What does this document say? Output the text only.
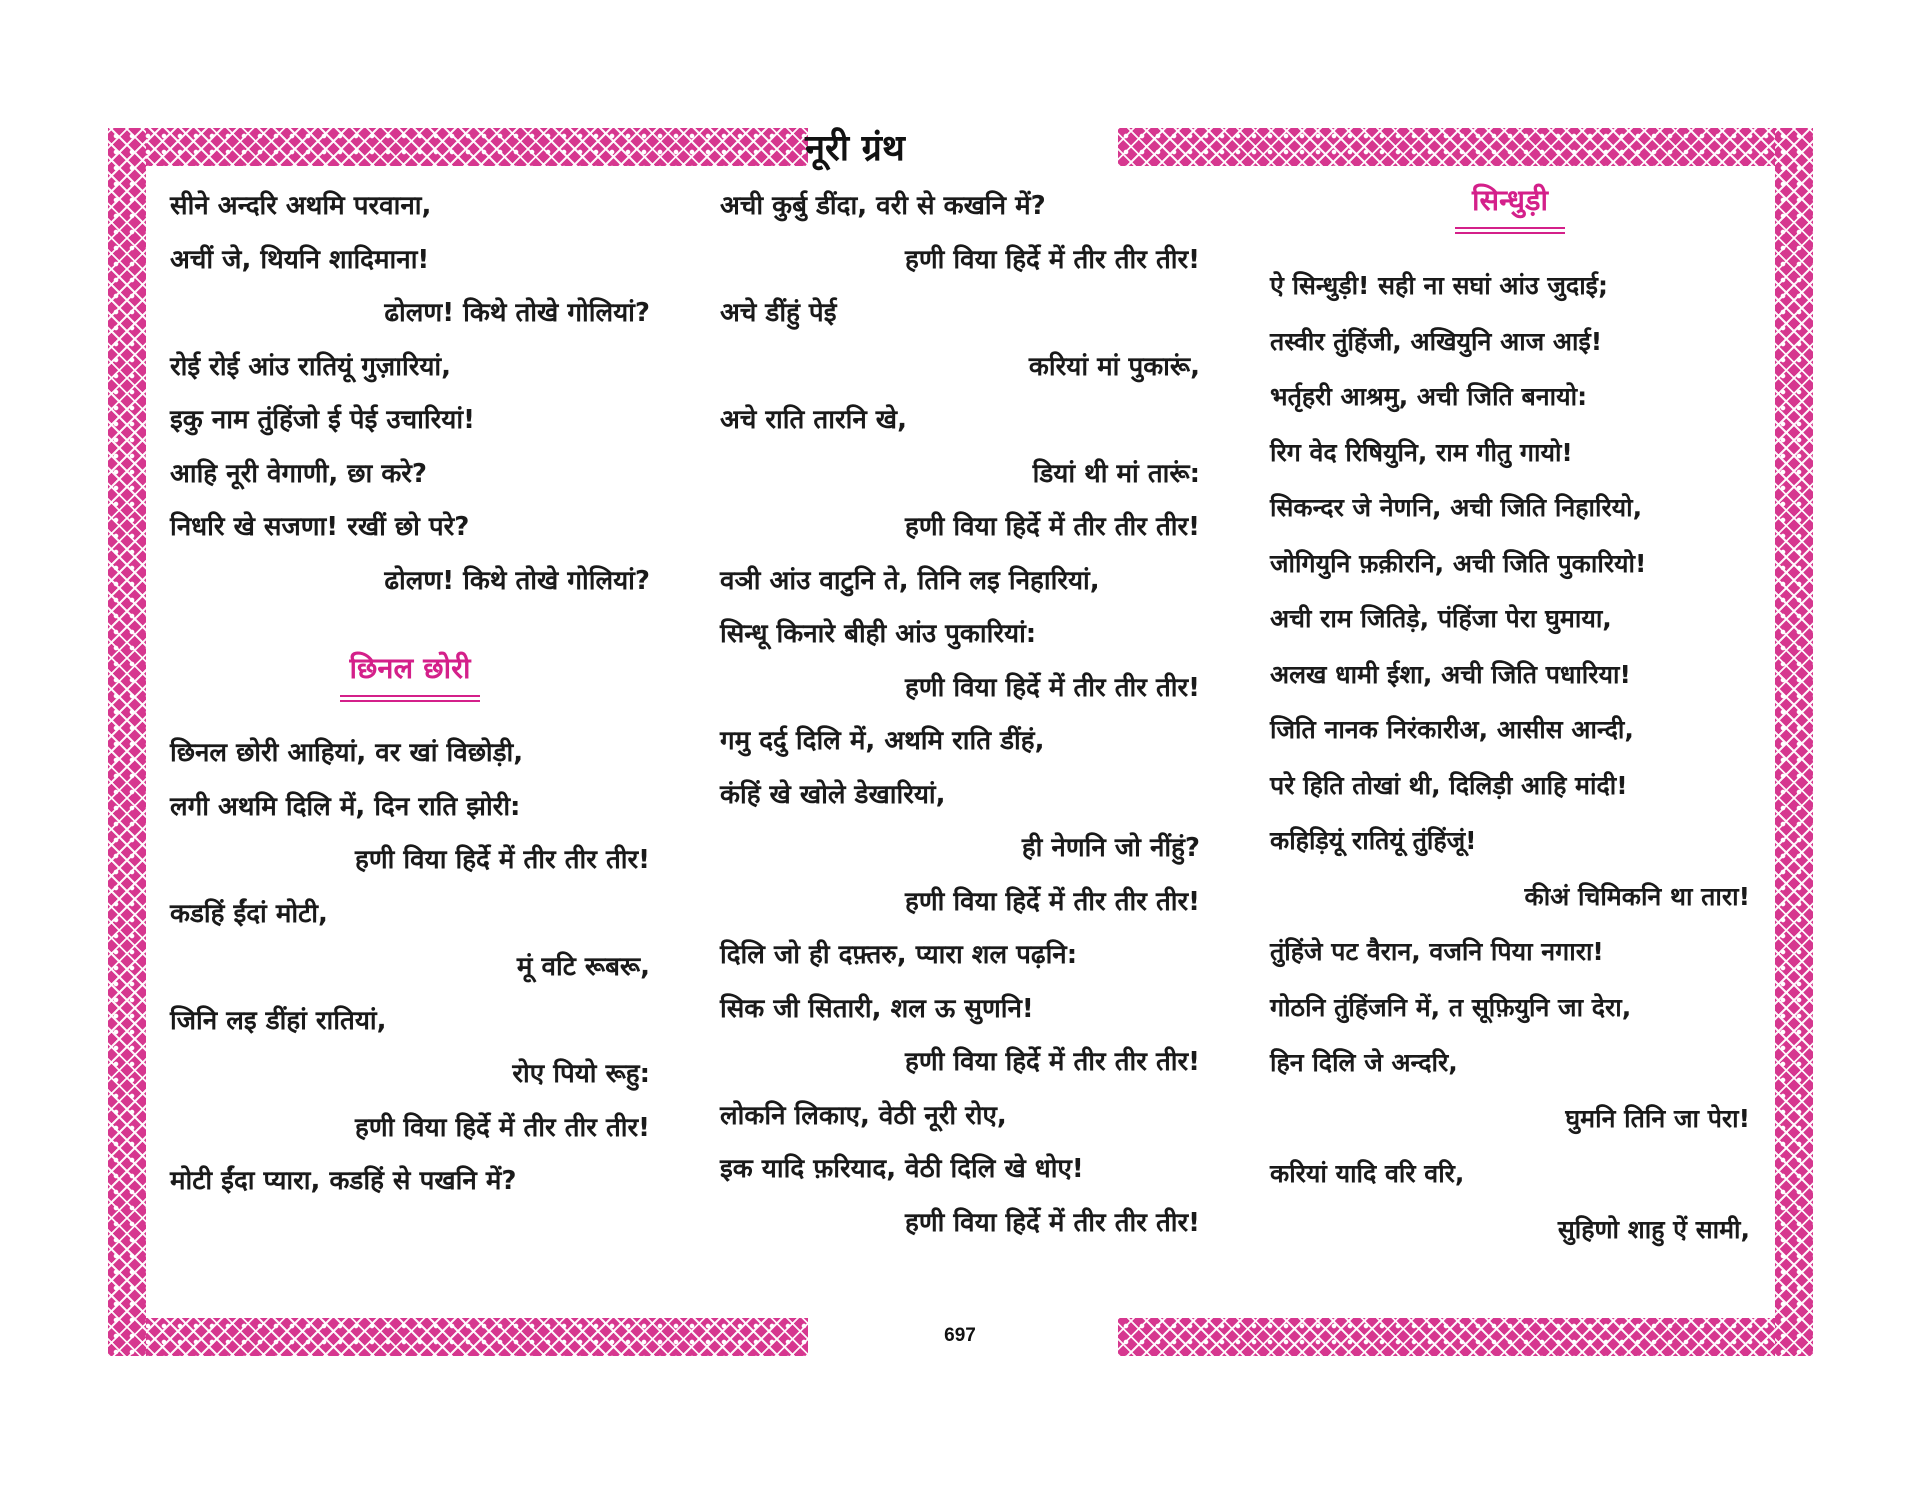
नूरी ग्रंथ
सीने अन्दरि अथमि परवाना,
अचीं जे, थियनि शादिमाना!
ढोलण! किथे तोखे गोलियां?
रोई रोई आंउ रातियूं गुज़ारियां,
इकु नाम तुंहिंजो ई पेई उचारियां!
आहि नूरी वेगाणी, छा करे?
निधरि खे सजणा! रखीं छो परे?
ढोलण! किथे तोखे गोलियां?
छिनल छोरी
छिनल छोरी आहियां, वर खां विछोड़ी,
लगी अथमि दिलि में, दिन राति झोरी:
हणी विया हिर्दे में तीर तीर तीर!
कडहिं ईंदां मोटी,
मूं वटि रूबरू,
जिनि लइ डींहां रातियां,
रोए पियो रूहु:
हणी विया हिर्दे में तीर तीर तीर!
मोटी ईंदा प्यारा, कडहिं से पखनि में?
अची कुर्बु डींदा, वरी से कखनि में?
हणी विया हिर्दे में तीर तीर तीर!
अचे डींहुं पेई
करियां मां पुकारूं,
अचे राति तारनि खे,
डियां थी मां तारूं:
हणी विया हिर्दे में तीर तीर तीर!
वञी आंउ वाटुनि ते, तिनि लइ निहारियां,
सिन्धू किनारे बीही आंउ पुकारियां:
हणी विया हिर्दे में तीर तीर तीर!
गमु दर्दु दिलि में, अथमि राति डींहं,
कंहिं खे खोले डेखारियां,
ही नेणनि जो नींहुं?
हणी विया हिर्दे में तीर तीर तीर!
दिलि जो ही दफ़्तरु, प्यारा शल पढ़नि:
सिक जी सितारी, शल ऊ सुणनि!
हणी विया हिर्दे में तीर तीर तीर!
लोकनि लिकाए, वेठी नूरी रोए,
इक यादि फ़रियाद, वेठी दिलि खे धोए!
हणी विया हिर्दे में तीर तीर तीर!
सिन्धुड़ी
ऐ सिन्धुड़ी! सही ना सघां आंउ जुदाई;
तस्वीर तुंहिंजी, अखियुनि आज आई!
भर्तृहरी आश्रमु, अची जिति बनायो:
रिग वेद रिषियुनि, राम गीतु गायो!
सिकन्दर जे नेणनि, अची जिति निहारियो,
जोगियुनि फ़क़ीरनि, अची जिति पुकारियो!
अची राम जितिड़े, पंहिंजा पेरा घुमाया,
अलख धामी ईशा, अची जिति पधारिया!
जिति नानक निरंकारीअ, आसीस आन्दी,
परे हिति तोखां थी, दिलिड़ी आहि मांदी!
कहिड़ियूं रातियूं तुंहिंजूं!
कीअं चिमिकनि था तारा!
तुंहिंजे पट वैरान, वजनि पिया नगारा!
गोठनि तुंहिंजनि में, त सूफ़ियुनि जा देरा,
हिन दिलि जे अन्दरि,
घुमनि तिनि जा पेरा!
करियां यादि वरि वरि,
सुहिणो शाहु ऐं सामी,
697
